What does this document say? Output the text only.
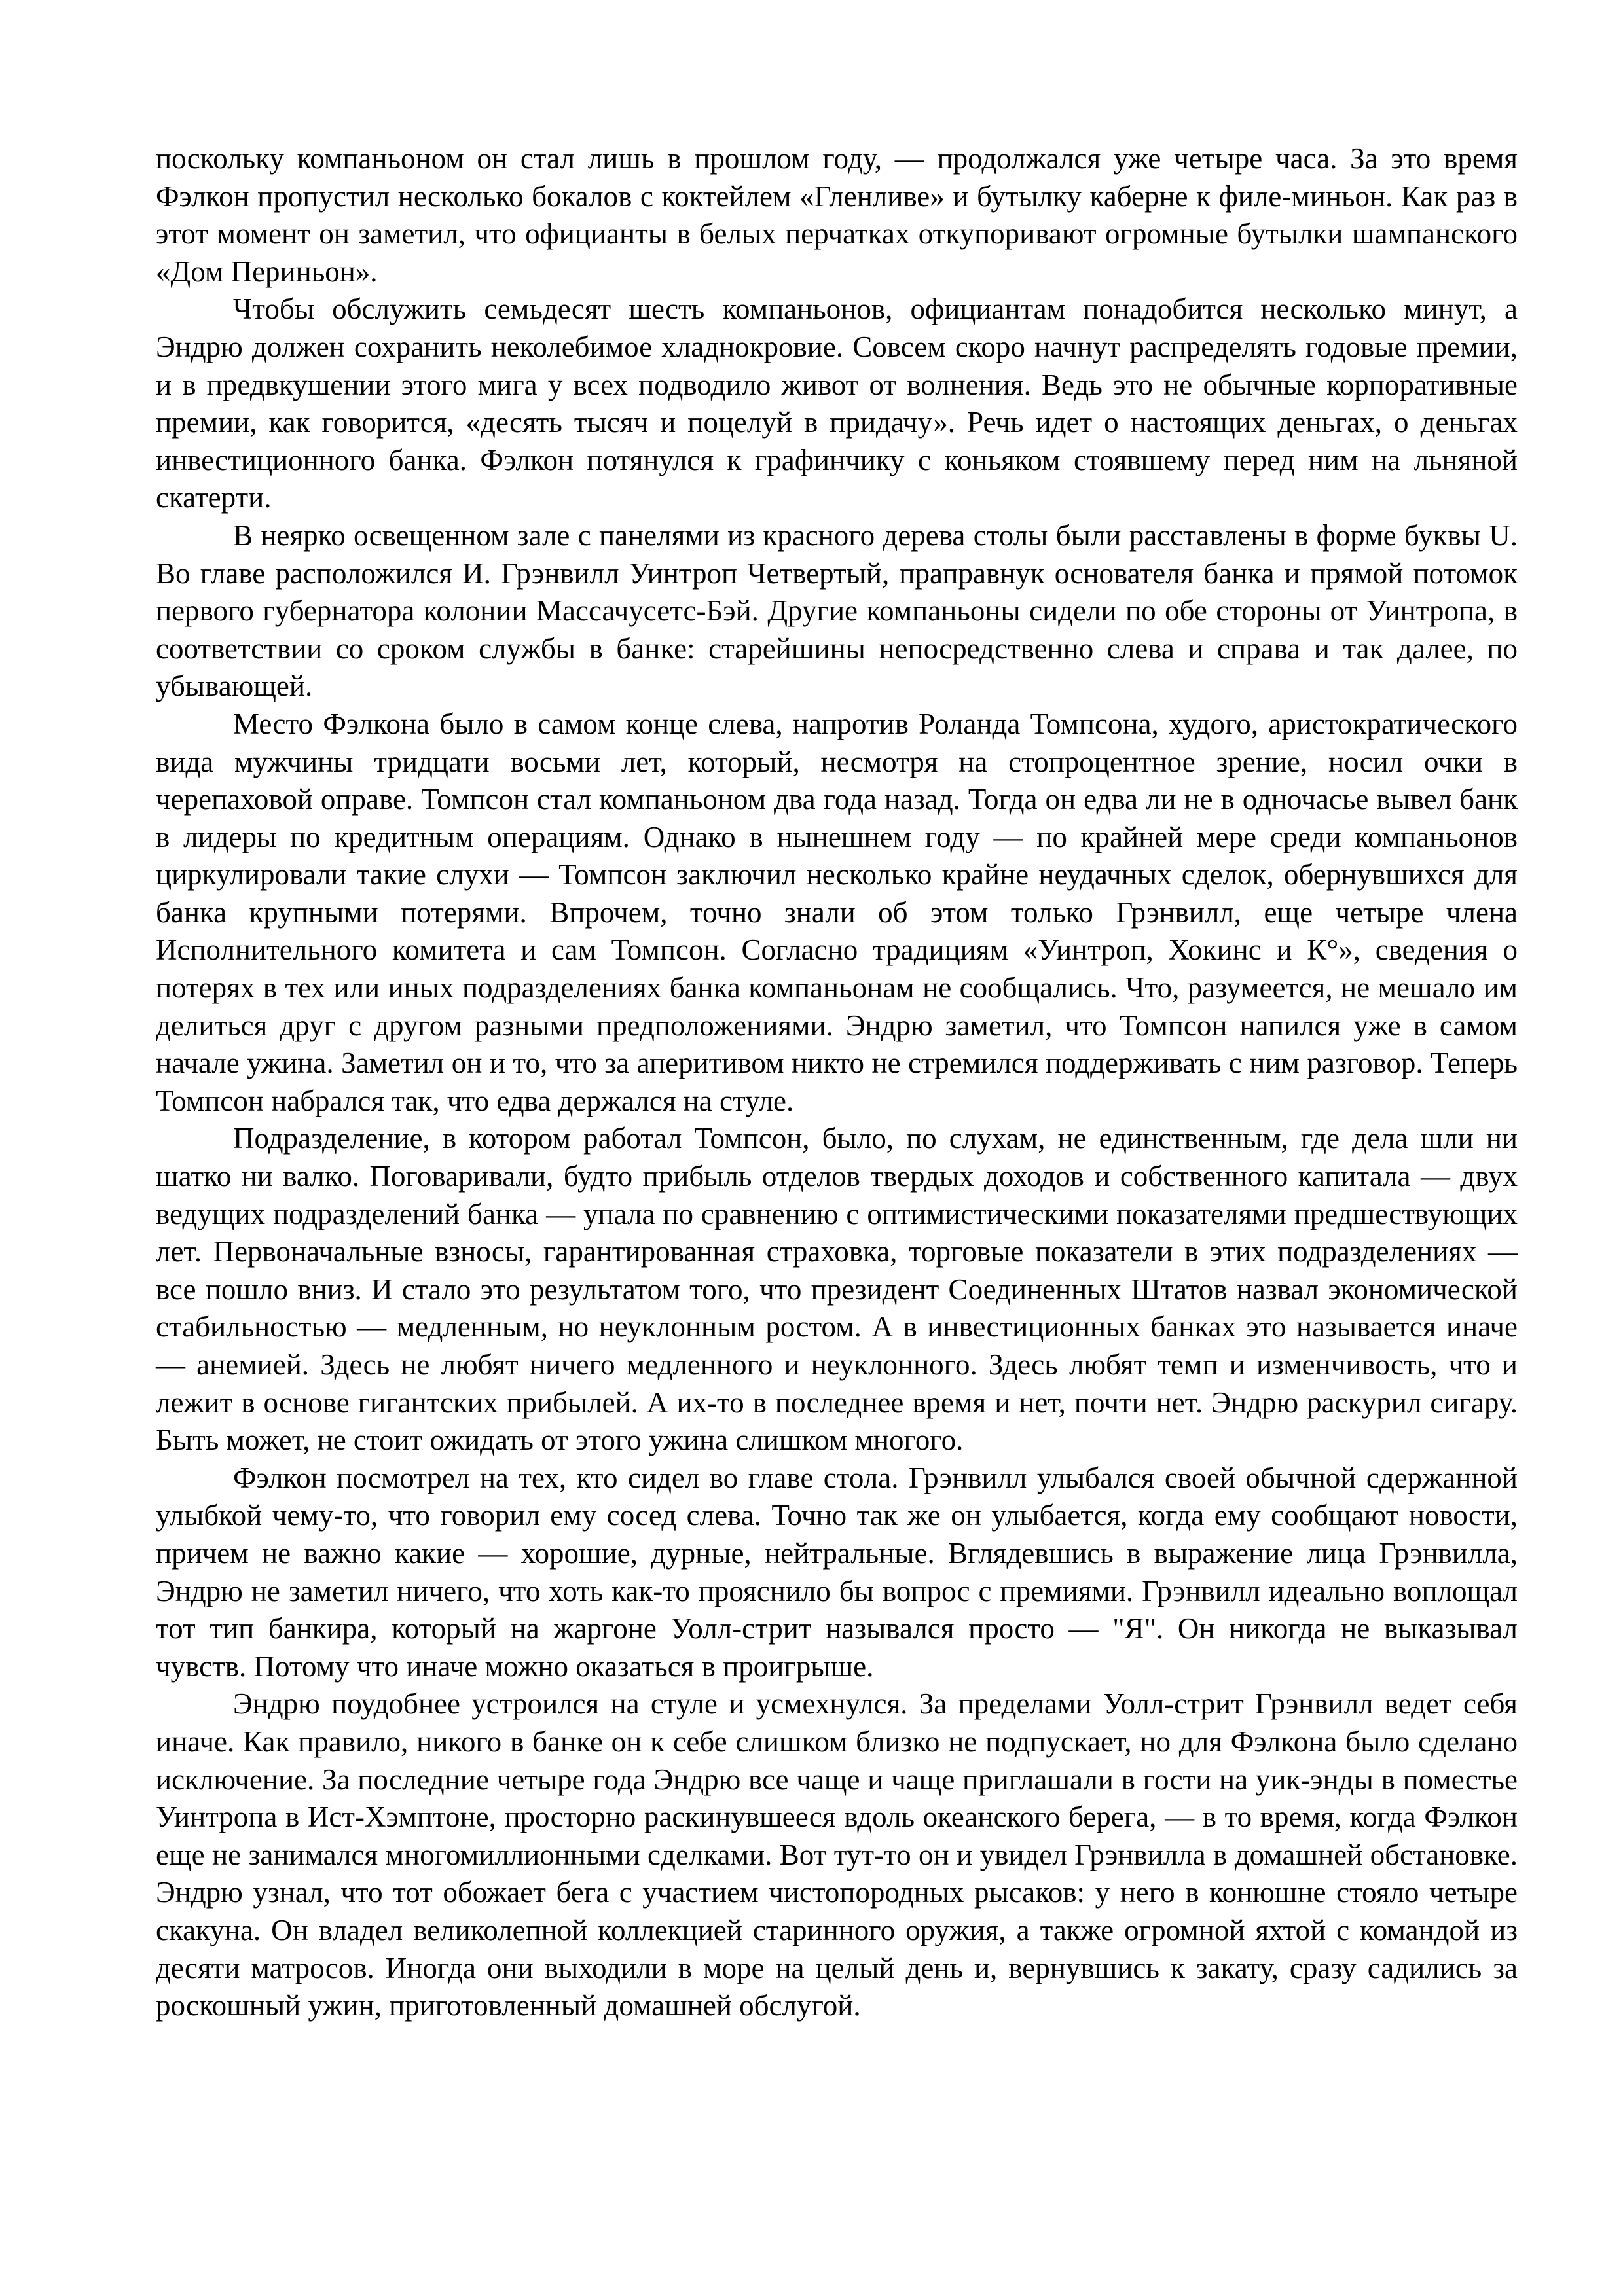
поскольку компаньоном он стал лишь в прошлом году, — продолжался уже четыре часа. За это время Фэлкон пропустил несколько бокалов с коктейлем «Гленливе» и бутылку каберне к филе-миньон. Как раз в этот момент он заметил, что официанты в белых перчатках откупоривают огромные бутылки шампанского «Дом Периньон».

Чтобы обслужить семьдесят шесть компаньонов, официантам понадобится несколько минут, а Эндрю должен сохранить неколебимое хладнокровие. Совсем скоро начнут распределять годовые премии, и в предвкушении этого мига у всех подводило живот от волнения. Ведь это не обычные корпоративные премии, как говорится, «десять тысяч и поцелуй в придачу». Речь идет о настоящих деньгах, о деньгах инвестиционного банка. Фэлкон потянулся к графинчику с коньяком стоявшему перед ним на льняной скатерти.

В неярко освещенном зале с панелями из красного дерева столы были расставлены в форме буквы U. Во главе расположился И. Грэнвилл Уинтроп Четвертый, праправнук основателя банка и прямой потомок первого губернатора колонии Массачусетс-Бэй. Другие компаньоны сидели по обе стороны от Уинтропа, в соответствии со сроком службы в банке: старейшины непосредственно слева и справа и так далее, по убывающей.

Место Фэлкона было в самом конце слева, напротив Роланда Томпсона, худого, аристократического вида мужчины тридцати восьми лет, который, несмотря на стопроцентное зрение, носил очки в черепаховой оправе. Томпсон стал компаньоном два года назад. Тогда он едва ли не в одночасье вывел банк в лидеры по кредитным операциям. Однако в нынешнем году — по крайней мере среди компаньонов циркулировали такие слухи — Томпсон заключил несколько крайне неудачных сделок, обернувшихся для банка крупными потерями. Впрочем, точно знали об этом только Грэнвилл, еще четыре члена Исполнительного комитета и сам Томпсон. Согласно традициям «Уинтроп, Хокинс и К°», сведения о потерях в тех или иных подразделениях банка компаньонам не сообщались. Что, разумеется, не мешало им делиться друг с другом разными предположениями. Эндрю заметил, что Томпсон напился уже в самом начале ужина. Заметил он и то, что за аперитивом никто не стремился поддерживать с ним разговор. Теперь Томпсон набрался так, что едва держался на стуле.

Подразделение, в котором работал Томпсон, было, по слухам, не единственным, где дела шли ни шатко ни валко. Поговаривали, будто прибыль отделов твердых доходов и собственного капитала — двух ведущих подразделений банка — упала по сравнению с оптимистическими показателями предшествующих лет. Первоначальные взносы, гарантированная страховка, торговые показатели в этих подразделениях — все пошло вниз. И стало это результатом того, что президент Соединенных Штатов назвал экономической стабильностью — медленным, но неуклонным ростом. А в инвестиционных банках это называется иначе — анемией. Здесь не любят ничего медленного и неуклонного. Здесь любят темп и изменчивость, что и лежит в основе гигантских прибылей. А их-то в последнее время и нет, почти нет. Эндрю раскурил сигару. Быть может, не стоит ожидать от этого ужина слишком многого.

Фэлкон посмотрел на тех, кто сидел во главе стола. Грэнвилл улыбался своей обычной сдержанной улыбкой чему-то, что говорил ему сосед слева. Точно так же он улыбается, когда ему сообщают новости, причем не важно какие — хорошие, дурные, нейтральные. Вглядевшись в выражение лица Грэнвилла, Эндрю не заметил ничего, что хоть как-то прояснило бы вопрос с премиями. Грэнвилл идеально воплощал тот тип банкира, который на жаргоне Уолл-стрит назывался просто — "Я". Он никогда не выказывал чувств. Потому что иначе можно оказаться в проигрыше.

Эндрю поудобнее устроился на стуле и усмехнулся. За пределами Уолл-стрит Грэнвилл ведет себя иначе. Как правило, никого в банке он к себе слишком близко не подпускает, но для Фэлкона было сделано исключение. За последние четыре года Эндрю все чаще и чаще приглашали в гости на уик-энды в поместье Уинтропа в Ист-Хэмптоне, просторно раскинувшееся вдоль океанского берега, — в то время, когда Фэлкон еще не занимался многомиллионными сделками. Вот тут-то он и увидел Грэнвилла в домашней обстановке. Эндрю узнал, что тот обожает бега с участием чистопородных рысаков: у него в конюшне стояло четыре скакуна. Он владел великолепной коллекцией старинного оружия, а также огромной яхтой с командой из десяти матросов. Иногда они выходили в море на целый день и, вернувшись к закату, сразу садились за роскошный ужин, приготовленный домашней обслугой.
